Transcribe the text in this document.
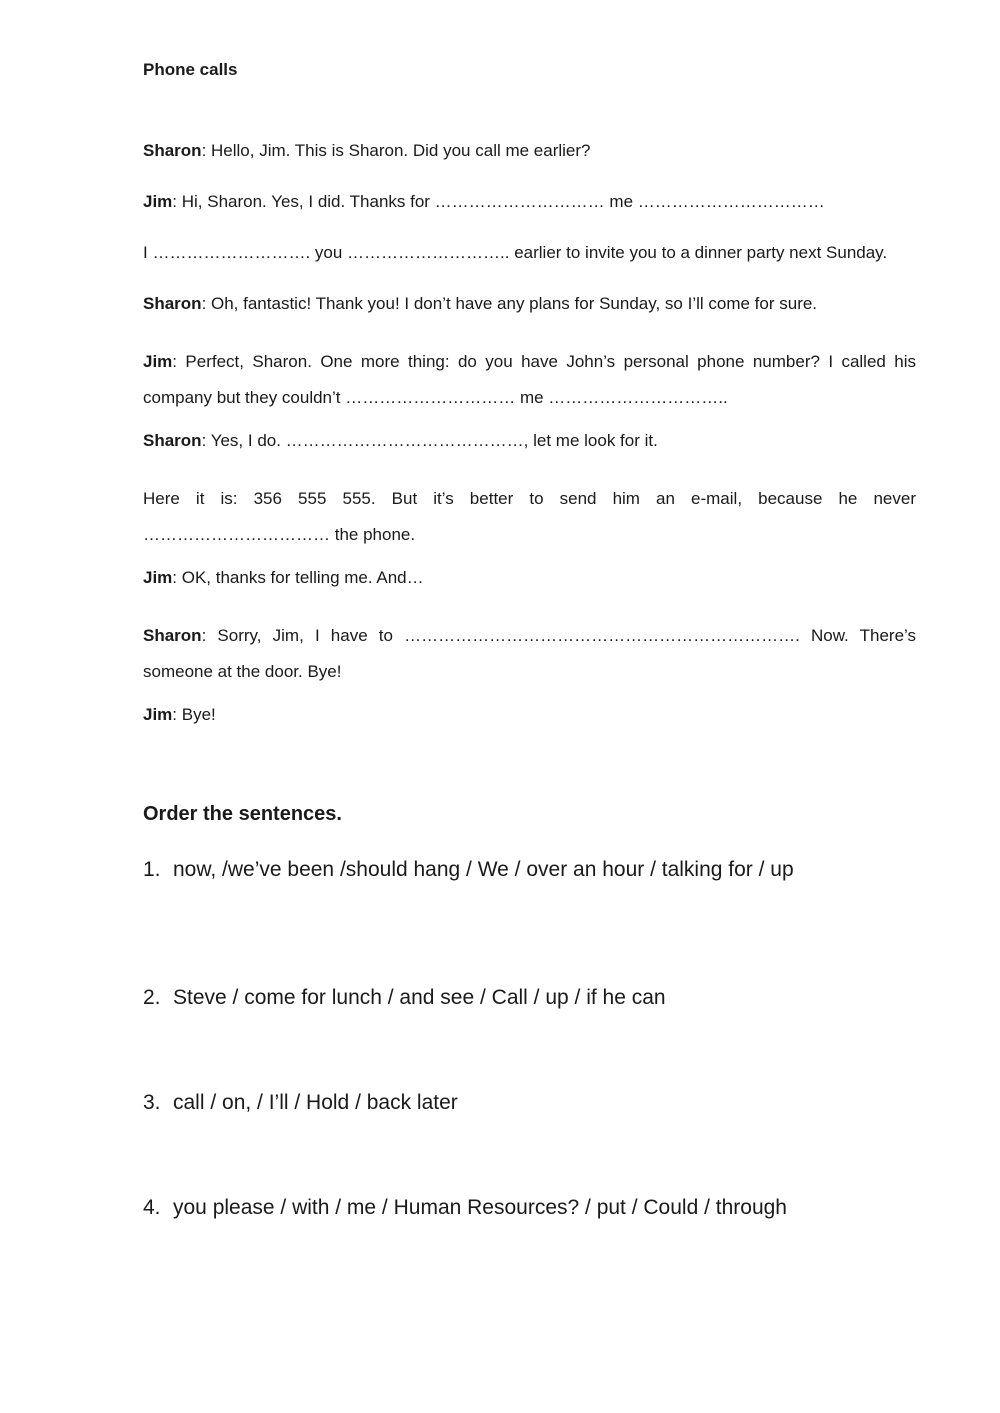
Phone calls

Sharon: Hello, Jim. This is Sharon. Did you call me earlier?

Jim: Hi, Sharon. Yes, I did. Thanks for ………………………… me ……………………………

I ………………………. you ……………………….. earlier to invite you to a dinner party next Sunday.

Sharon: Oh, fantastic! Thank you! I don’t have any plans for Sunday, so I’ll come for sure.

Jim: Perfect, Sharon. One more thing: do you have John’s personal phone number? I called his company but they couldn’t ………………………… me …………………………..

Sharon: Yes, I do. ……………………………………, let me look for it.

Here it is: 356 555 555. But it’s better to send him an e-mail, because he never …………………………… the phone.

Jim: OK, thanks for telling me. And…

Sharon: Sorry, Jim, I have to ……………………………………………………………. Now. There’s someone at the door. Bye!

Jim: Bye!

Order the sentences.

1. now, /we’ve been /should hang / We / over an hour / talking for / up

2. Steve / come for lunch / and see / Call / up / if he can

3. call / on, / I’ll / Hold / back later

4. you please / with / me / Human Resources? / put / Could / through
